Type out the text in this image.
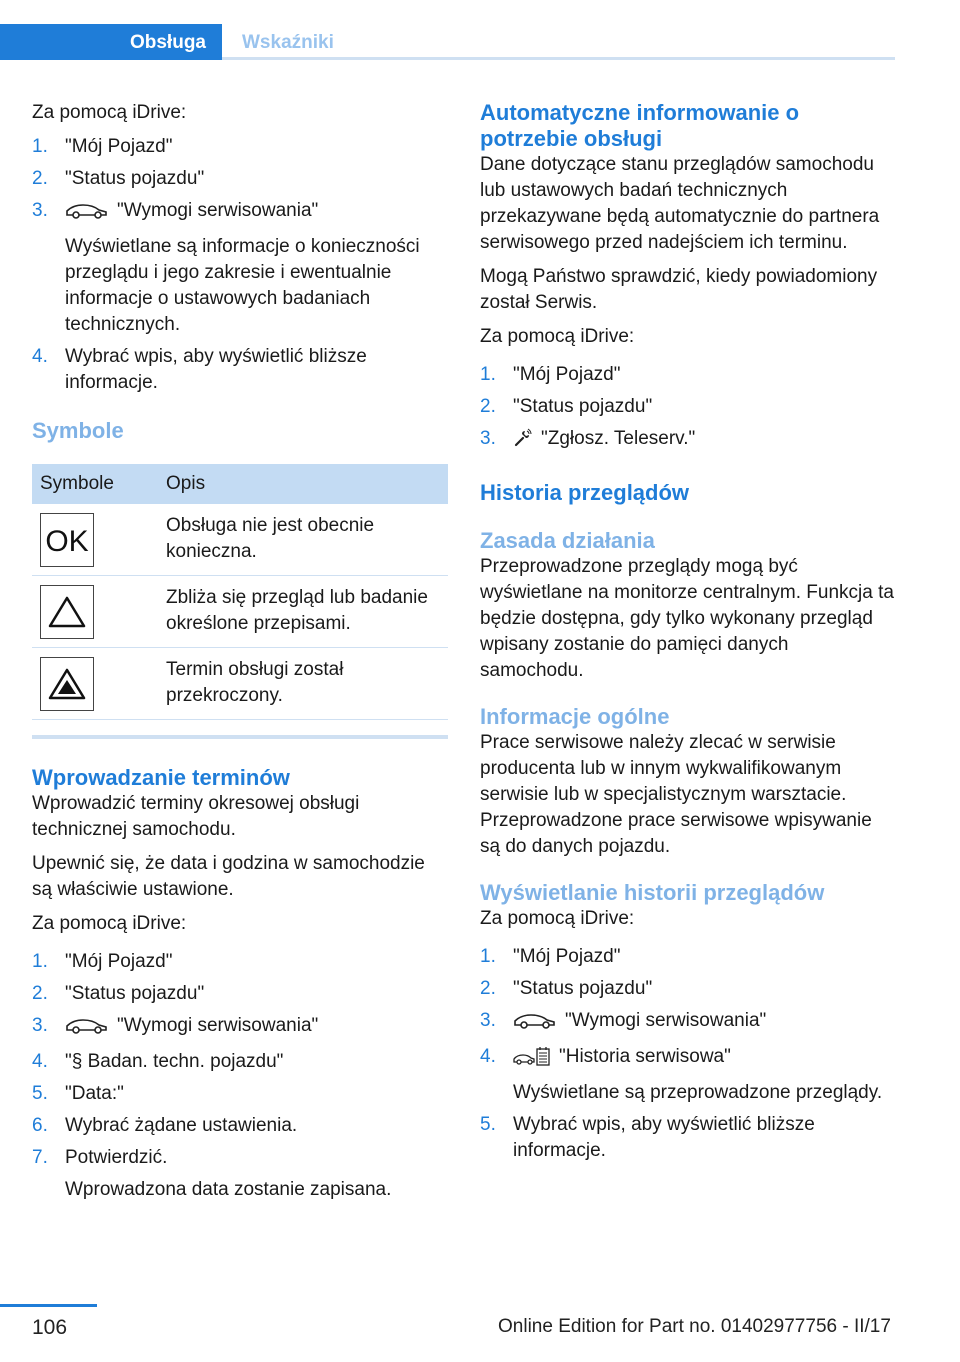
Obsługa	Wskaźniki

Za pomocą iDrive:

1. "Mój Pojazd"
2. "Status pojazdu"
3.	"Wymogi serwisowania"
Wyświetlane są informacje o konieczności przeglądu i jego zakresie i ewentualnie informacje o ustawowych badaniach technicznych.
4. Wybrać wpis, aby wyświetlić bliższe informacje.
Symbole
Symbole	Opis

OK	Obsługa nie jest obecnie konieczna.

	Zbliża się przegląd lub badanie określone przepisami.

	Termin obsługi został przekroczony.
Wprowadzanie terminów

Wprowadzić terminy okresowej obsługi technicznej samochodu.

Upewnić się, że data i godzina w samochodzie są właściwie ustawione.

Za pomocą iDrive:

1. "Mój Pojazd"
2. "Status pojazdu"
3.	"Wymogi serwisowania"
4. "§ Badan. techn. pojazdu"
5. "Data:"
6. Wybrać żądane ustawienia.
7. Potwierdzić.
Wprowadzona data zostanie zapisana.
Automatyczne informowanie o potrzebie obsługi

Dane dotyczące stanu przeglądów samochodu lub ustawowych badań technicznych przekazywane będą automatycznie do partnera serwisowego przed nadejściem ich terminu.

Mogą Państwo sprawdzić, kiedy powiadomiony został Serwis.

Za pomocą iDrive:

1. "Mój Pojazd"
2. "Status pojazdu"
3. "Zgłosz. Teleserv."
Historia przeglądów
Zasada działania

Przeprowadzone przeglądy mogą być wyświetlane na monitorze centralnym. Funkcja ta będzie dostępna, gdy tylko wykonany przegląd wpisany zostanie do pamięci danych samochodu.

Informacje ogólne

Prace serwisowe należy zlecać w serwisie producenta lub w innym wykwalifikowanym serwisie lub w specjalistycznym warsztacie. Przeprowadzone prace serwisowe wpisywanie są do danych pojazdu.

Wyświetlanie historii przeglądów

Za pomocą iDrive:

1. "Mój Pojazd"
2. "Status pojazdu"
3.	"Wymogi serwisowania"
4.	"Historia serwisowa"
Wyświetlane są przeprowadzone przeglądy.
5. Wybrać wpis, aby wyświetlić bliższe informacje.
106	Online Edition for Part no. 01402977756 - II/17
